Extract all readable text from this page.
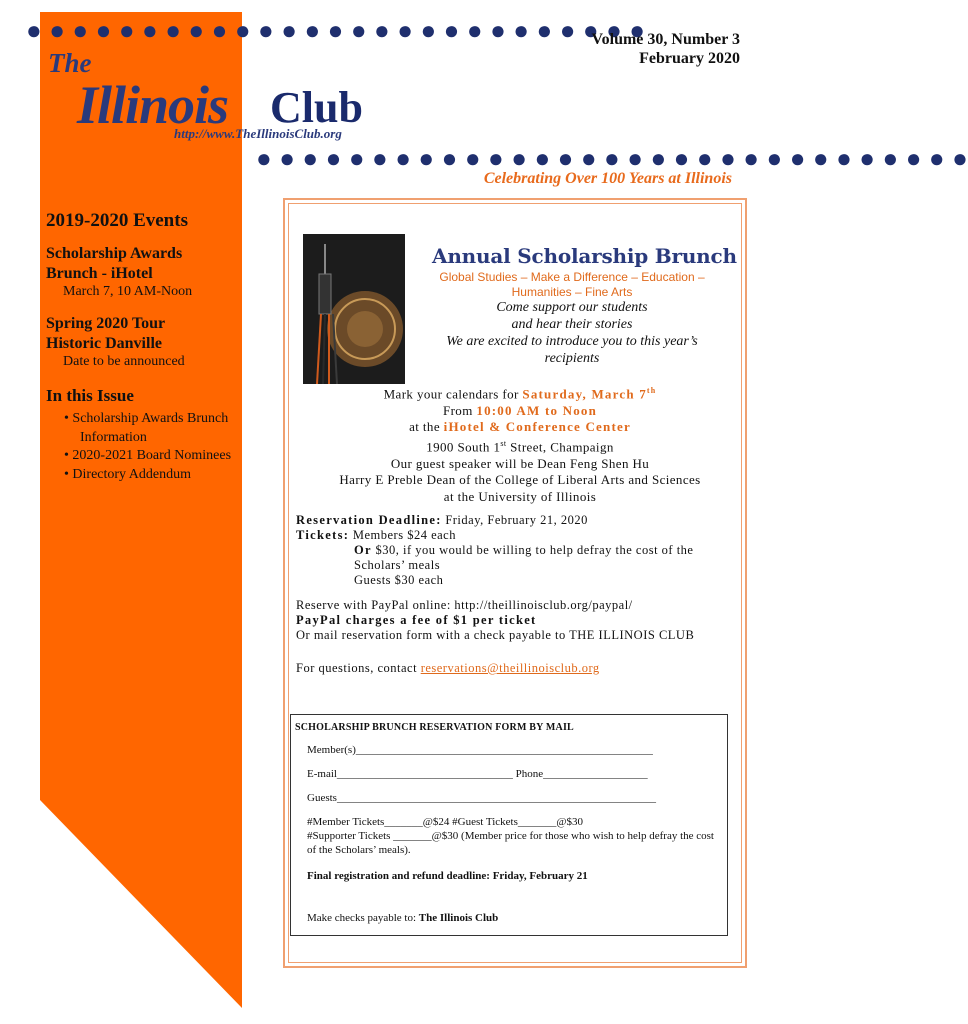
● ● ● ● ● ● ● ● ● ● ● ● ● ● ● ● ● ● ● ● ● ● ● ● ● ● ●
● ● ● ● ● ● ● ● ● ● ● ● ● ● ● ● ● ● ● ● ● ● ● ● ● ● ● ● ● ● ●
Volume 30, Number 3
February 2020
The
Illinois Club
http://www.TheIllinoisClub.org
Celebrating Over 100 Years at Illinois
2019-2020 Events
Scholarship Awards
Brunch - iHotel
March 7, 10 AM-Noon
Spring 2020 Tour
Historic Danville
Date to be announced
In this Issue
• Scholarship Awards Brunch Information
• 2020-2021 Board Nominees
• Directory Addendum
Annual Scholarship Brunch
Global Studies – Make a Difference – Education – Humanities – Fine Arts
Come support our students
and hear their stories
We are excited to introduce you to this year’s
recipients
Mark your calendars for Saturday, March 7th
From 10:00 AM to Noon
at the iHotel & Conference Center
1900 South 1st Street, Champaign
Our guest speaker will be Dean Feng Shen Hu
Harry E Preble Dean of the College of Liberal Arts and Sciences
at the University of Illinois
Reservation Deadline: Friday, February 21, 2020
Tickets: Members $24 each
Or $30, if you would be willing to help defray the cost of the Scholars’ meals
Guests $30 each
Reserve with PayPal online: http://theillinoisclub.org/paypal/
PayPal charges a fee of $1 per ticket
Or mail reservation form with a check payable to THE ILLINOIS CLUB
For questions, contact reservations@theillinoisclub.org
SCHOLARSHIP BRUNCH RESERVATION FORM BY MAIL
Member(s)______________________________________________________
E-mail________________________________ Phone___________________
Guests__________________________________________________________
#Member Tickets_______@$24 #Guest Tickets_______@$30
#Supporter Tickets _______@$30 (Member price for those who wish to help defray the cost of the Scholars’ meals).
Final registration and refund deadline: Friday, February 21
Make checks payable to: The Illinois Club
